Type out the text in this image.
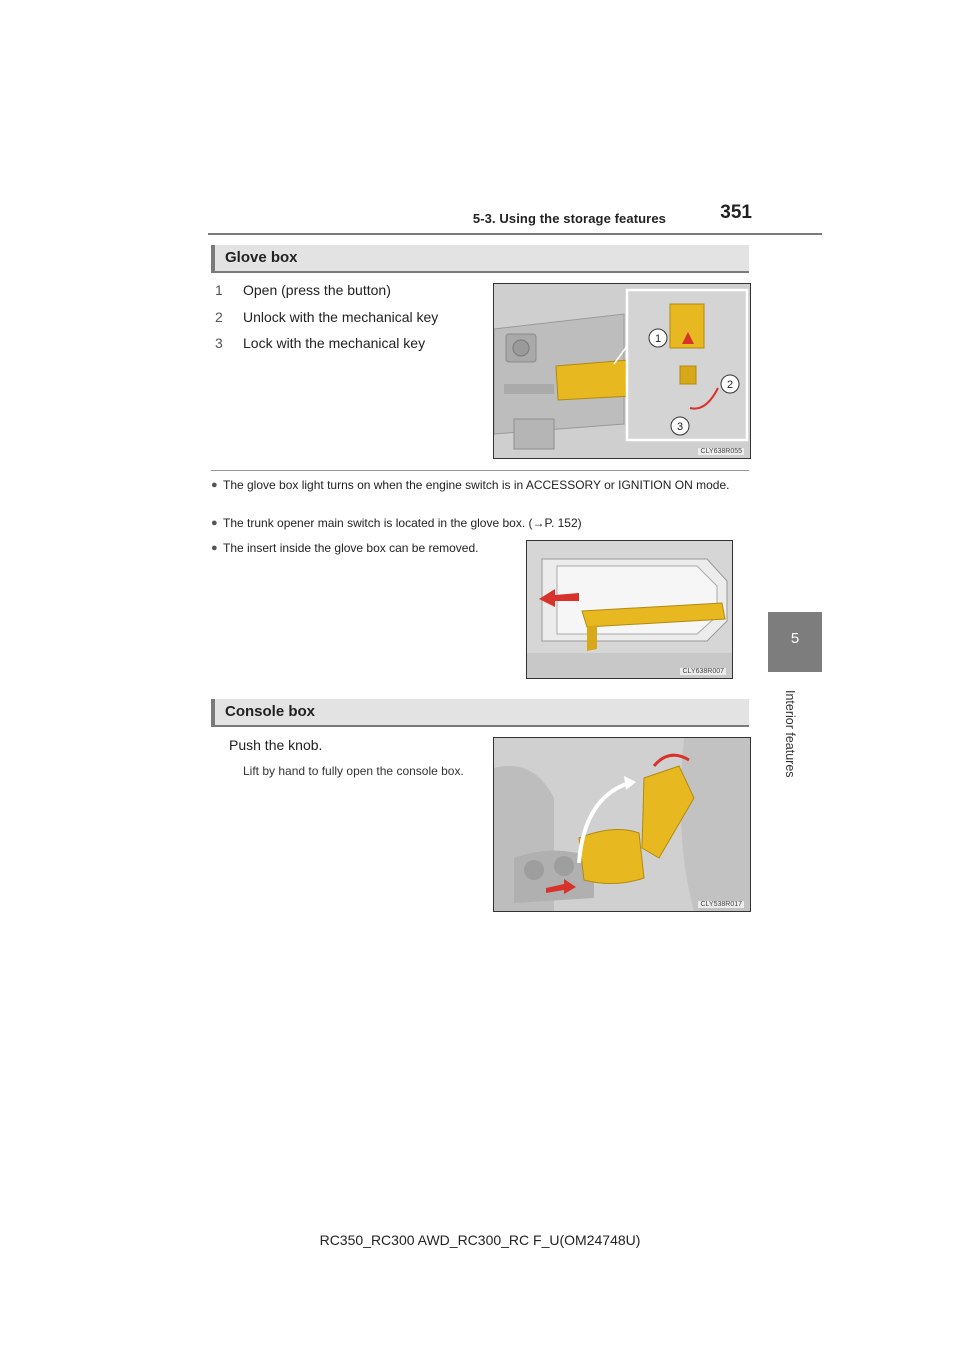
5-3. Using the storage features	351
5
Interior features
Glove box
1	Open (press the button)
2	Unlock with the mechanical key
3	Lock with the mechanical key	1
2
3
CLY638R055
● The glove box light turns on when the engine switch is in ACCESSORY or IGNITION ON mode.
● The trunk opener main switch is located in the glove box. (→P. 152)
● The insert inside the glove box can be removed.
CLY638R007
Console box
Push the knob.
Lift by hand to fully open the console box.
CLY538R017
RC350_RC300 AWD_RC300_RC F_U(OM24748U)
